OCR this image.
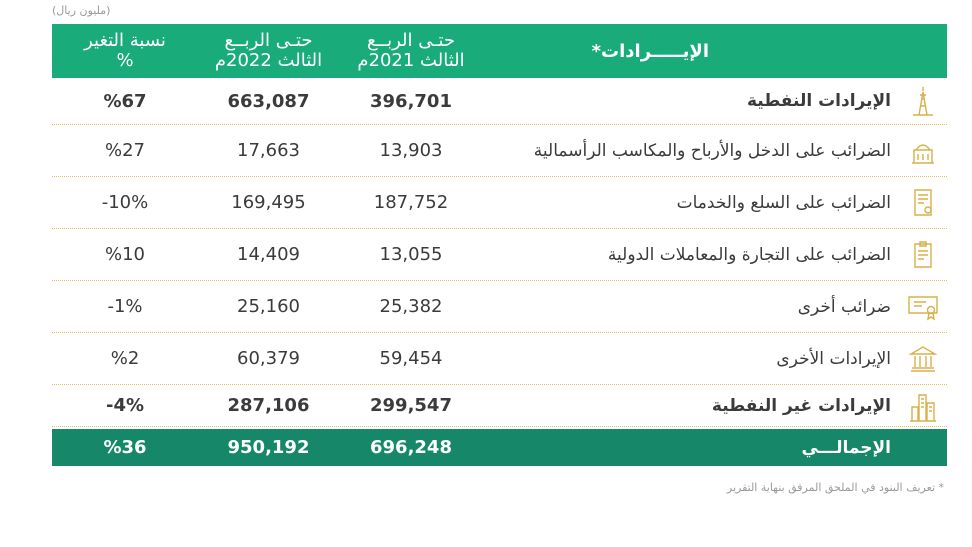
(مليون ريال)
الإيـــــرادات*
حتـى الربــع
الثالث 2021م
حتـى الربــع
الثالث 2022م
نسبة التغير
%
الإيرادات النفطية
396,701
663,087
%67
الضرائب على الدخل والأرباح والمكاسب الرأسمالية
13,903
17,663
%27
الضرائب على السلع والخدمات
187,752
169,495
-10%
الضرائب على التجارة والمعاملات الدولية
13,055
14,409
%10
ضرائب أخرى
25,382
25,160
-1%
الإيرادات الأخرى
59,454
60,379
%2
الإيرادات غير النفطية
299,547
287,106
-4%
الإجمالـــي
696,248
950,192
%36
* تعريف البنود في الملحق المرفق بنهاية التقرير
